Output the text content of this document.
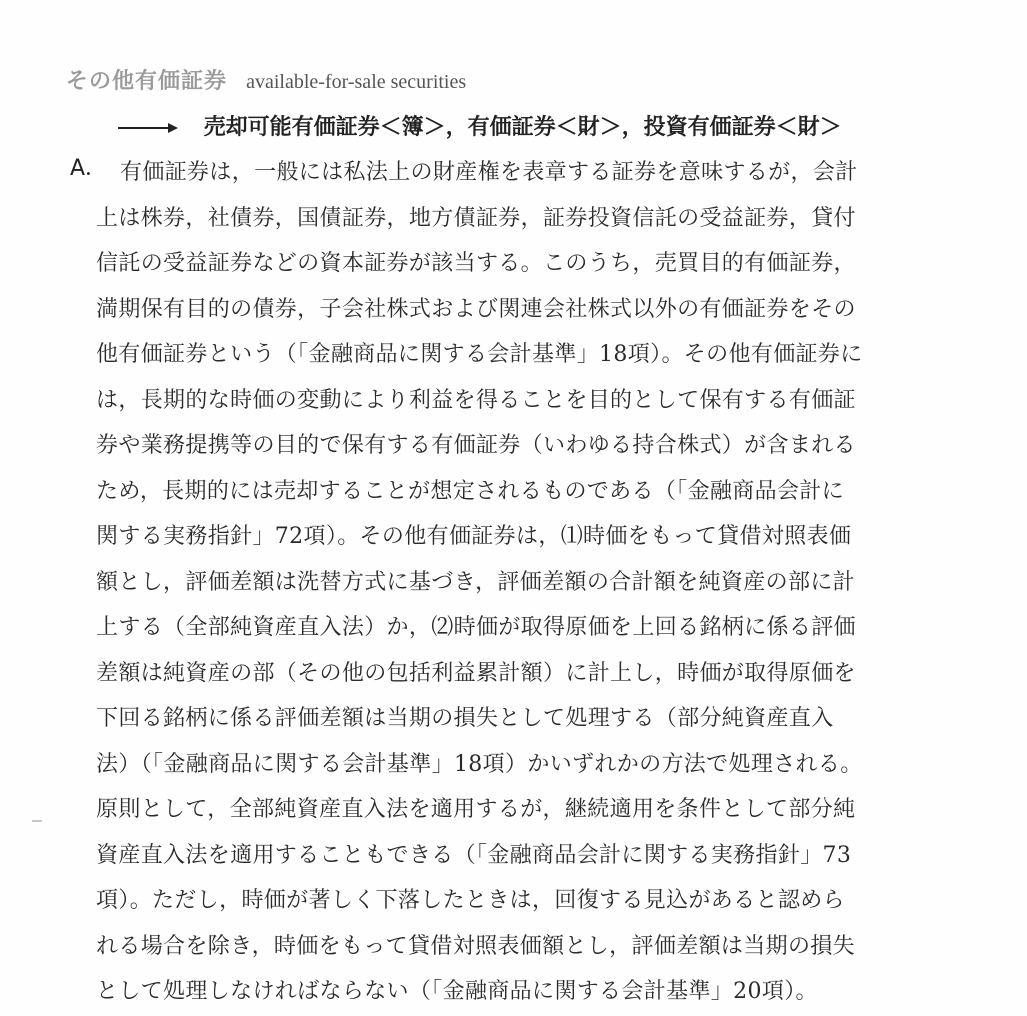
その他有価証券 available-for-sale securities
売却可能有価証券＜簿＞，有価証券＜財＞，投資有価証券＜財＞
A． 有価証券は，一般には私法上の財産権を表章する証券を意味するが，会計
上は株券，社債券，国債証券，地方債証券，証券投資信託の受益証券，貸付
信託の受益証券などの資本証券が該当する。このうち，売買目的有価証券，
満期保有目的の債券，子会社株式および関連会社株式以外の有価証券をその
他有価証券という（「金融商品に関する会計基準」18項）。その他有価証券に
は，長期的な時価の変動により利益を得ることを目的として保有する有価証
券や業務提携等の目的で保有する有価証券（いわゆる持合株式）が含まれる
ため，長期的には売却することが想定されるものである（「金融商品会計に
関する実務指針」72項）。その他有価証券は，⑴時価をもって貸借対照表価
額とし，評価差額は洗替方式に基づき，評価差額の合計額を純資産の部に計
上する（全部純資産直入法）か，⑵時価が取得原価を上回る銘柄に係る評価
差額は純資産の部（その他の包括利益累計額）に計上し，時価が取得原価を
下回る銘柄に係る評価差額は当期の損失として処理する（部分純資産直入
法）（「金融商品に関する会計基準」18項）かいずれかの方法で処理される。
原則として，全部純資産直入法を適用するが，継続適用を条件として部分純
資産直入法を適用することもできる（「金融商品会計に関する実務指針」73
項）。ただし，時価が著しく下落したときは，回復する見込があると認めら
れる場合を除き，時価をもって貸借対照表価額とし，評価差額は当期の損失
として処理しなければならない（「金融商品に関する会計基準」20項）。
